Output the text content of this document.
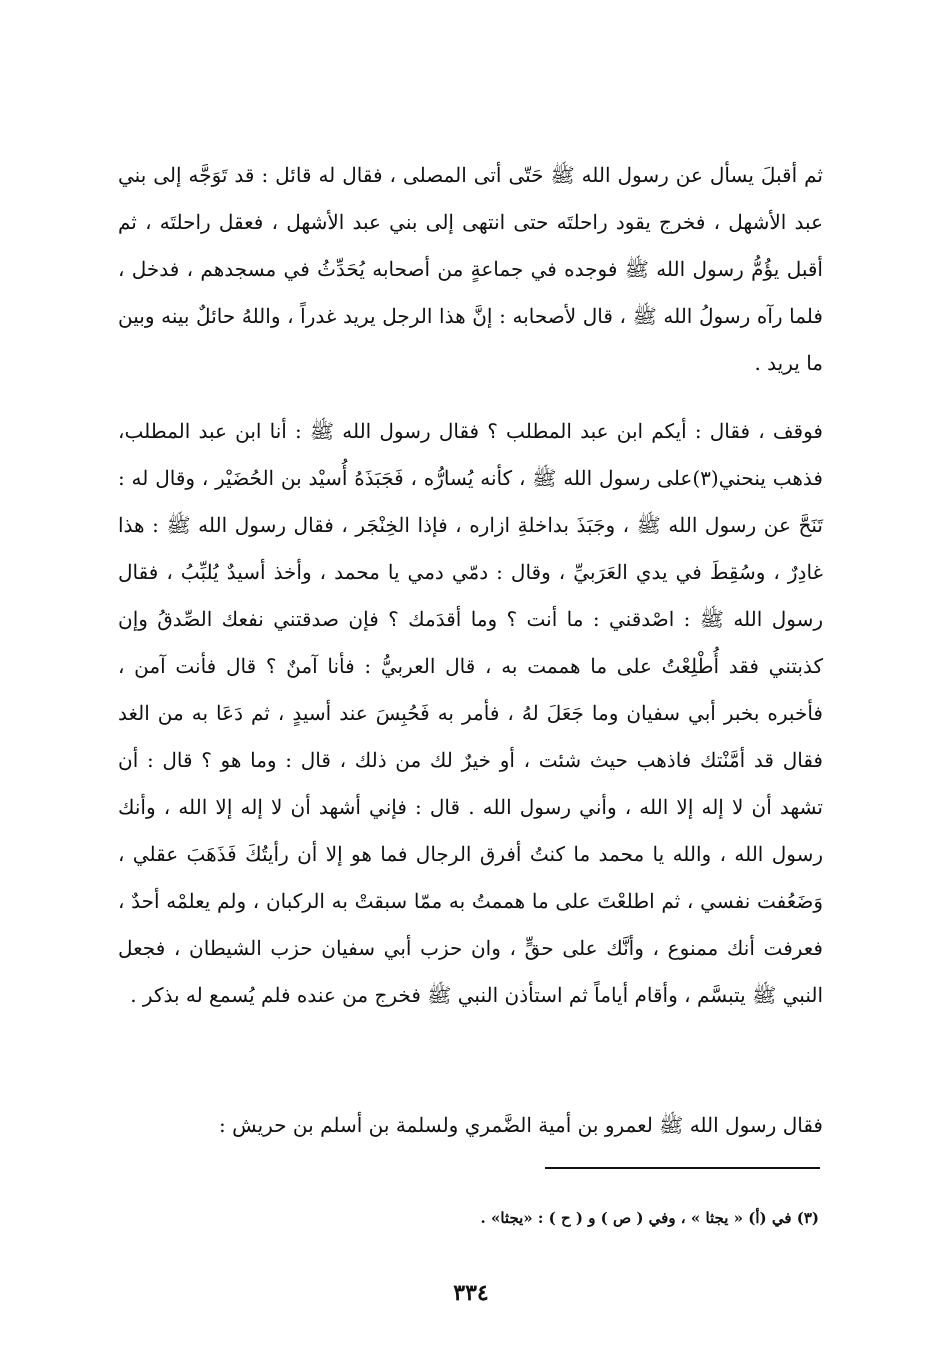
ثم أقبلَ يسأل عن رسول الله ﷺ حَتّى أتى المصلى ، فقال له قائل : قد تَوَجَّه إلى بني عبد الأشهل ، فخرج يقود راحلتَه حتى انتهى إلى بني عبد الأشهل ، فعقل راحلتَه ، ثم أقبل يؤُمُّ رسول الله ﷺ فوجده في جماعةٍ من أصحابه يُحَدِّثُ في مسجدهم ، فدخل ، فلما رآه رسولُ الله ﷺ ، قال لأصحابه : إنَّ هذا الرجل يريد غدراً ، واللهُ حائلٌ بينه وبين ما يريد .

فوقف ، فقال : أيكم ابن عبد المطلب ؟ فقال رسول الله ﷺ : أنا ابن عبد المطلب، فذهب ينحني(٣)على رسول الله ﷺ ، كأنه يُسارُّه ، فَجَبَذَهُ أُسيْد بن الحُضَيْر ، وقال له : تَنَحَّ عن رسول الله ﷺ ، وجَبَذَ بداخلةِ ازاره ، فإذا الخِنْجَر ، فقال رسول الله ﷺ : هذا غادِرٌ ، وسُقِطَ في يدي العَرَبيِّ ، وقال : دمّي دمي يا محمد ، وأخذ أسيدٌ يُلبِّبُ ، فقال رسول الله ﷺ : اصْدقني : ما أنت ؟ وما أقدَمك ؟ فإن صدقتني نفعك الصِّدقُ وإن كذبتني فقد أُطْلِعْتُ على ما هممت به ، قال العربيُّ : فأنا آمنٌ ؟ قال فأنت آمن ، فأخبره بخبر أبي سفيان وما جَعَلَ لهُ ، فأمر به فَحُبِسَ عند أسيدٍ ، ثم دَعَا به من الغد فقال قد أمَّنْتك فاذهب حيث شئت ، أو خيرٌ لك من ذلك ، قال : وما هو ؟ قال : أن تشهد أن لا إله إلا الله ، وأني رسول الله . قال : فإني أشهد أن لا إله إلا الله ، وأنك رسول الله ، والله يا محمد ما كنتُ أفرق الرجال فما هو إلا أن رأيتُكَ فَذَهَبَ عقلي ، وَضَعُفت نفسي ، ثم اطلعْتَ على ما هممتُ به ممّا سبقتْ به الركبان ، ولم يعلمْه أحدٌ ، فعرفت أنك ممنوع ، وأنَّك على حقٍّ ، وان حزب أبي سفيان حزب الشيطان ، فجعل النبي ﷺ يتبسَّم ، وأقام أياماً ثم استأذن النبي ﷺ فخرج من عنده فلم يُسمع له بذكر .

فقال رسول الله ﷺ لعمرو بن أمية الضَّمري ولسلمة بن أسلم بن حريش :

(٣) في (أ) « يجثا » ، وفي ( ص ) و ( ح ) : «يجثا» .

٣٣٤
